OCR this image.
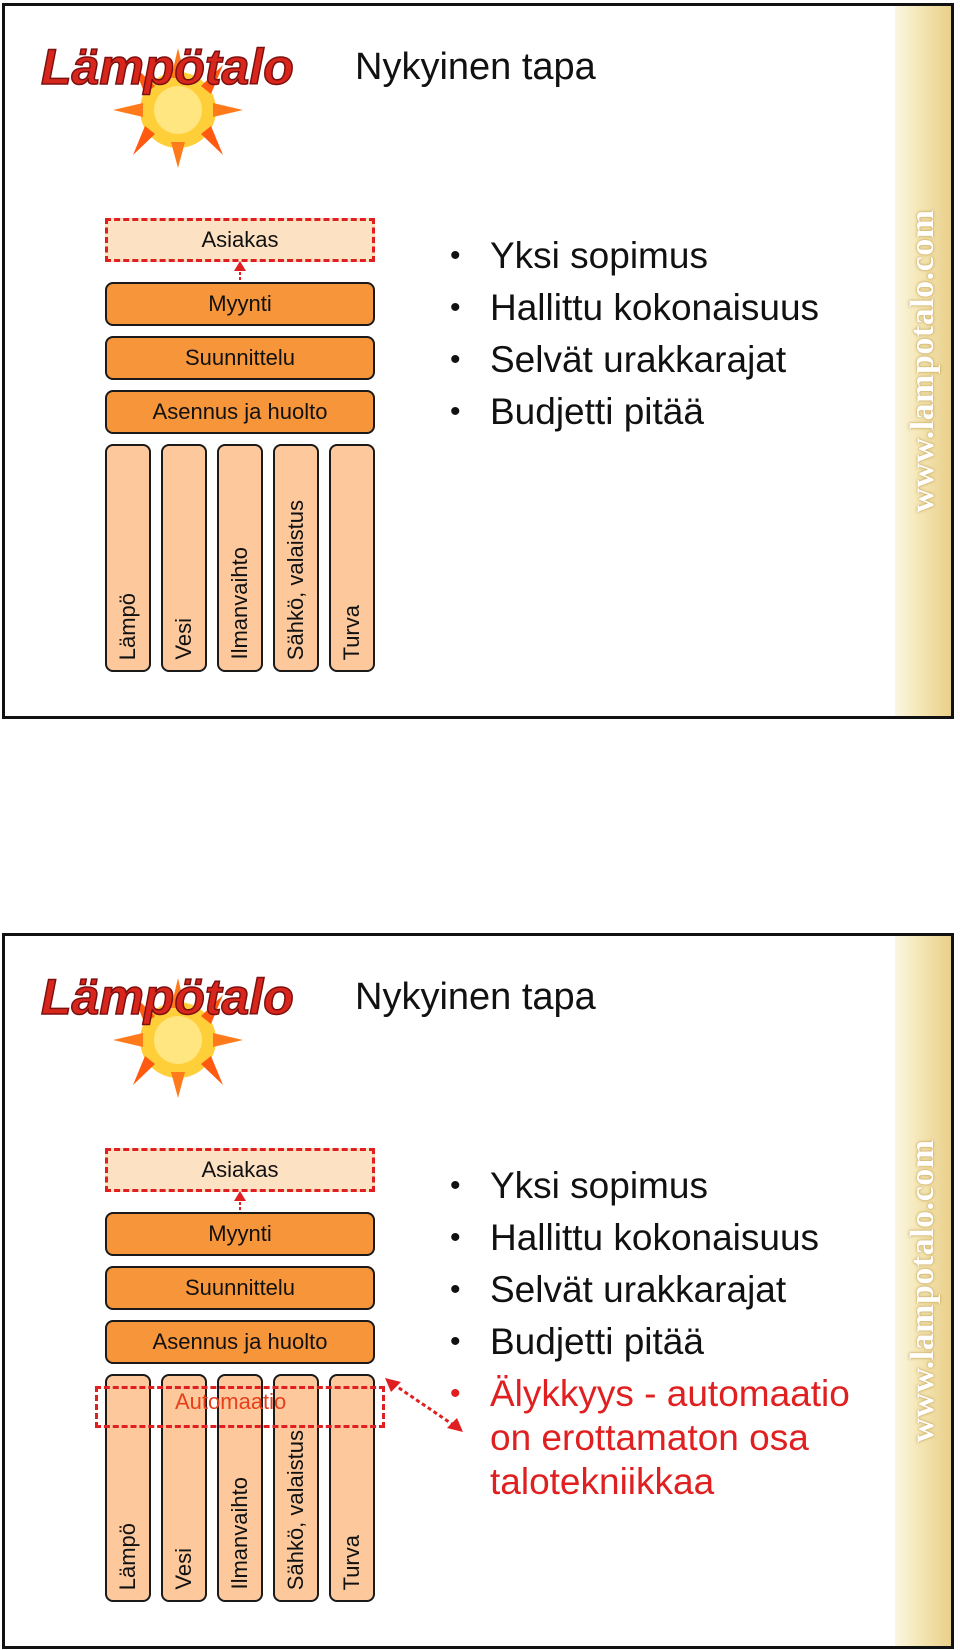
Lämpötalo Nykyinen tapa
Asiakas
Myynti
Suunnittelu
Asennus ja huolto
Lämpö Vesi Ilmanvaihto Sähkö, valaistus Turva
• Yksi sopimus
• Hallittu kokonaisuus
• Selvät urakkarajat
• Budjetti pitää	www.lampotalo.com
Lämpötalo Nykyinen tapa
Asiakas
Myynti
Suunnittelu
Asennus ja huolto
Lämpö Vesi Ilmanvaihto Sähkö, valaistus Turva
Automaatio
• Yksi sopimus
• Hallittu kokonaisuus
• Selvät urakkarajat
• Budjetti pitää
• Älykkyys - automaatio on erottamaton osa talotekniikkaa
www.lampotalo.com
